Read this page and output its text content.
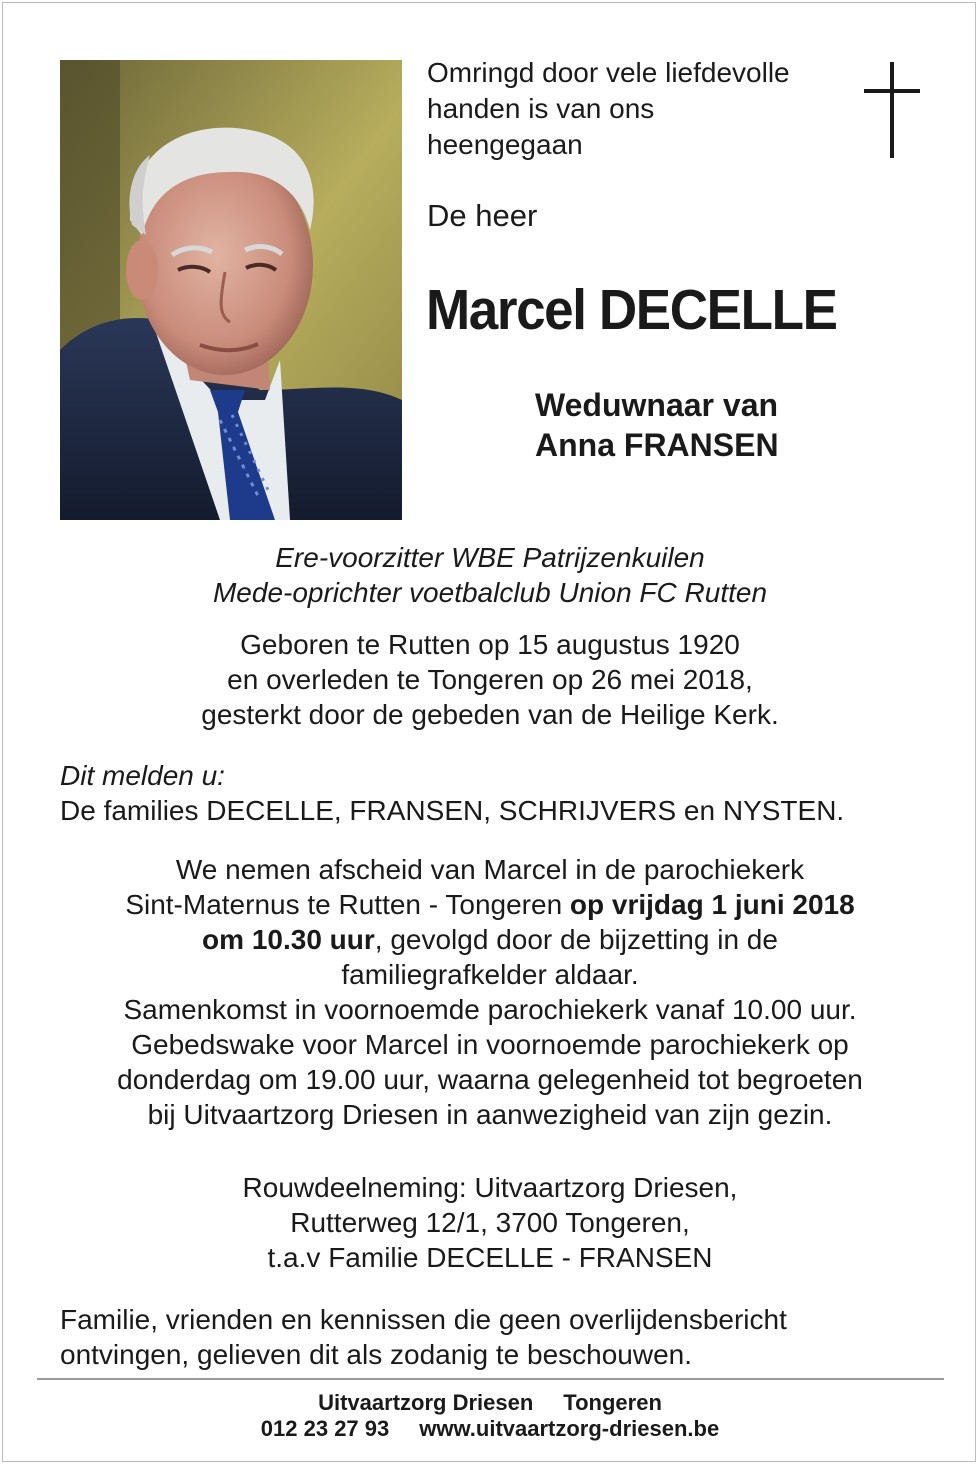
Omringd door vele liefdevolle
handen is van ons
heengegaan

De heer

Marcel DECELLE

Weduwnaar van
Anna FRANSEN

Ere-voorzitter WBE Patrijzenkuilen
Mede-oprichter voetbalclub Union FC Rutten

Geboren te Rutten op 15 augustus 1920
en overleden te Tongeren op 26 mei 2018,
gesterkt door de gebeden van de Heilige Kerk.

Dit melden u:
De families DECELLE, FRANSEN, SCHRIJVERS en NYSTEN.

We nemen afscheid van Marcel in de parochiekerk
Sint-Maternus te Rutten - Tongeren op vrijdag 1 juni 2018
om 10.30 uur, gevolgd door de bijzetting in de
familiegrafkelder aldaar.
Samenkomst in voornoemde parochiekerk vanaf 10.00 uur.
Gebedswake voor Marcel in voornoemde parochiekerk op
donderdag om 19.00 uur, waarna gelegenheid tot begroeten
bij Uitvaartzorg Driesen in aanwezigheid van zijn gezin.

Rouwdeelneming: Uitvaartzorg Driesen,
Rutterweg 12/1, 3700 Tongeren,
t.a.v Familie DECELLE - FRANSEN

Familie, vrienden en kennissen die geen overlijdensbericht
ontvingen, gelieven dit als zodanig te beschouwen.

Uitvaartzorg Driesen Tongeren

012 23 27 93 www.uitvaartzorg-driesen.be
